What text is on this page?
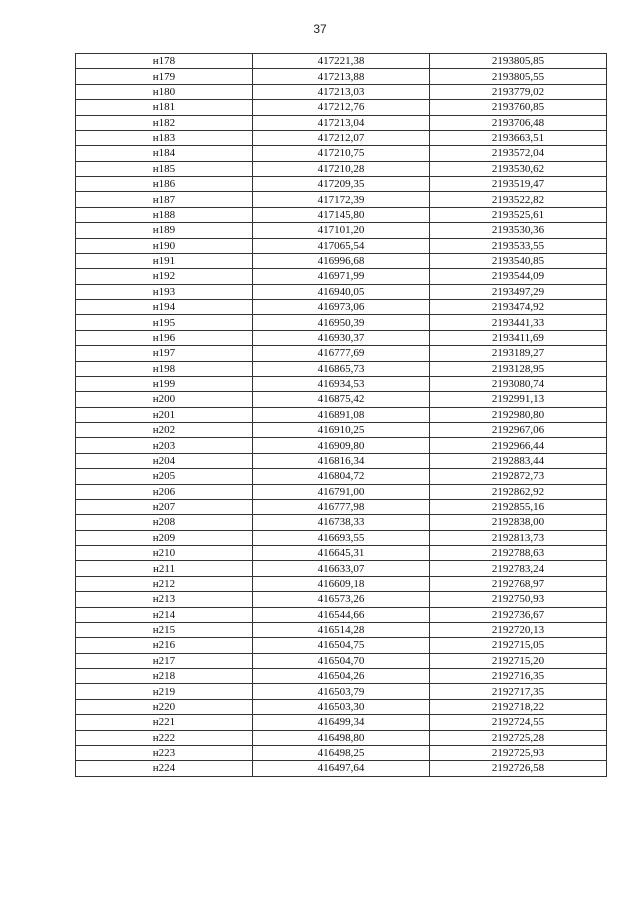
37
н178	417221,38	2193805,85
н179	417213,88	2193805,55
н180	417213,03	2193779,02
н181	417212,76	2193760,85
н182	417213,04	2193706,48
н183	417212,07	2193663,51
н184	417210,75	2193572,04
н185	417210,28	2193530,62
н186	417209,35	2193519,47
н187	417172,39	2193522,82
н188	417145,80	2193525,61
н189	417101,20	2193530,36
н190	417065,54	2193533,55
н191	416996,68	2193540,85
н192	416971,99	2193544,09
н193	416940,05	2193497,29
н194	416973,06	2193474,92
н195	416950,39	2193441,33
н196	416930,37	2193411,69
н197	416777,69	2193189,27
н198	416865,73	2193128,95
н199	416934,53	2193080,74
н200	416875,42	2192991,13
н201	416891,08	2192980,80
н202	416910,25	2192967,06
н203	416909,80	2192966,44
н204	416816,34	2192883,44
н205	416804,72	2192872,73
н206	416791,00	2192862,92
н207	416777,98	2192855,16
н208	416738,33	2192838,00
н209	416693,55	2192813,73
н210	416645,31	2192788,63
н211	416633,07	2192783,24
н212	416609,18	2192768,97
н213	416573,26	2192750,93
н214	416544,66	2192736,67
н215	416514,28	2192720,13
н216	416504,75	2192715,05
н217	416504,70	2192715,20
н218	416504,26	2192716,35
н219	416503,79	2192717,35
н220	416503,30	2192718,22
н221	416499,34	2192724,55
н222	416498,80	2192725,28
н223	416498,25	2192725,93
н224	416497,64	2192726,58
